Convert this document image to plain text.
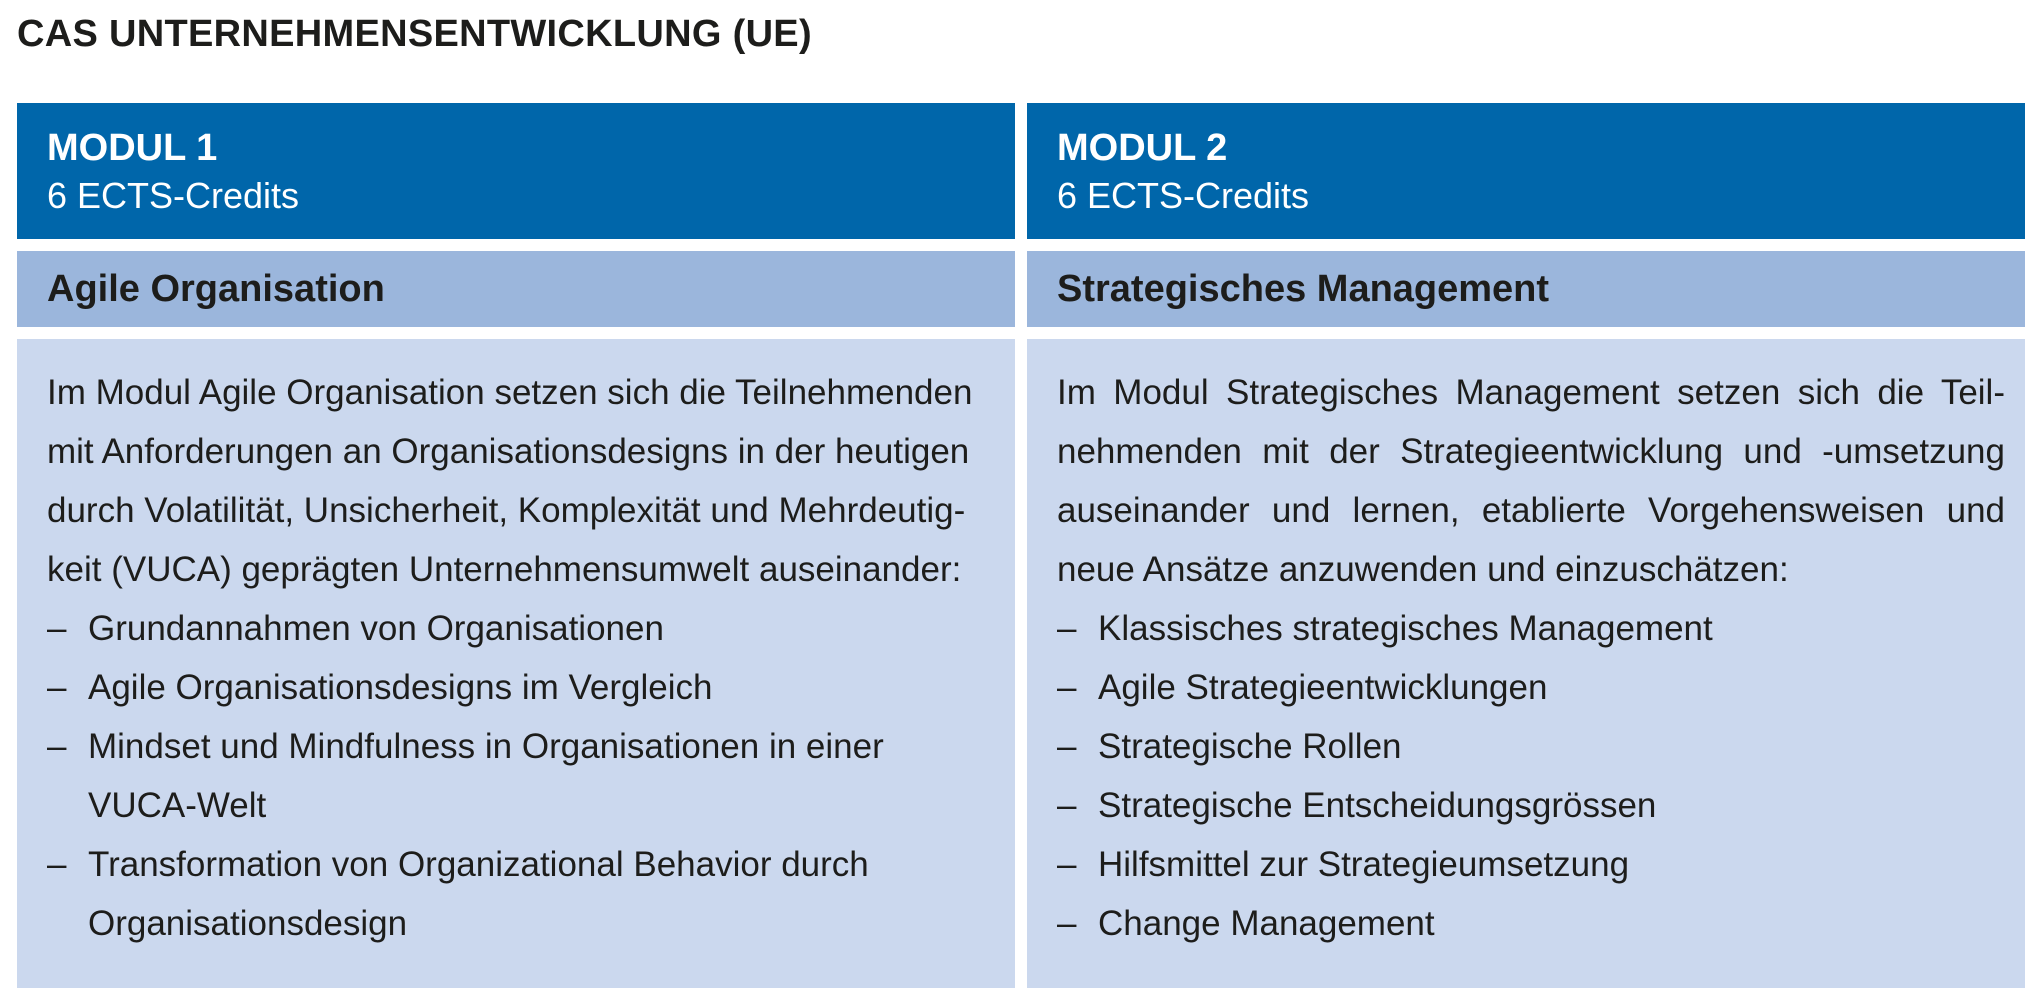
CAS UNTERNEHMENSENTWICKLUNG (UE)
MODUL 1
6 ECTS-Credits
Agile Organisation

Im Modul Agile Organisation setzen sich die Teilnehmenden
mit Anforderungen an Organisationsdesigns in der heutigen
durch Volatilität, Unsicherheit, Komplexität und Mehrdeutig-
keit (VUCA) geprägten Unternehmensumwelt auseinander:

– Grundannahmen von Organisationen
– Agile Organisationsdesigns im Vergleich
– Mindset und Mindfulness in Organisationen in einer
VUCA-Welt
– Transformation von Organizational Behavior durch
Organisationsdesign
MODUL 2
6 ECTS-Credits
Strategisches Management

Im Modul Strategisches Management setzen sich die Teil-
nehmenden mit der Strategieentwicklung und -umsetzung
auseinander und lernen, etablierte Vorgehensweisen und
neue Ansätze anzuwenden und einzuschätzen:

– Klassisches strategisches Management
– Agile Strategieentwicklungen
– Strategische Rollen
– Strategische Entscheidungsgrössen
– Hilfsmittel zur Strategieumsetzung
– Change Management
